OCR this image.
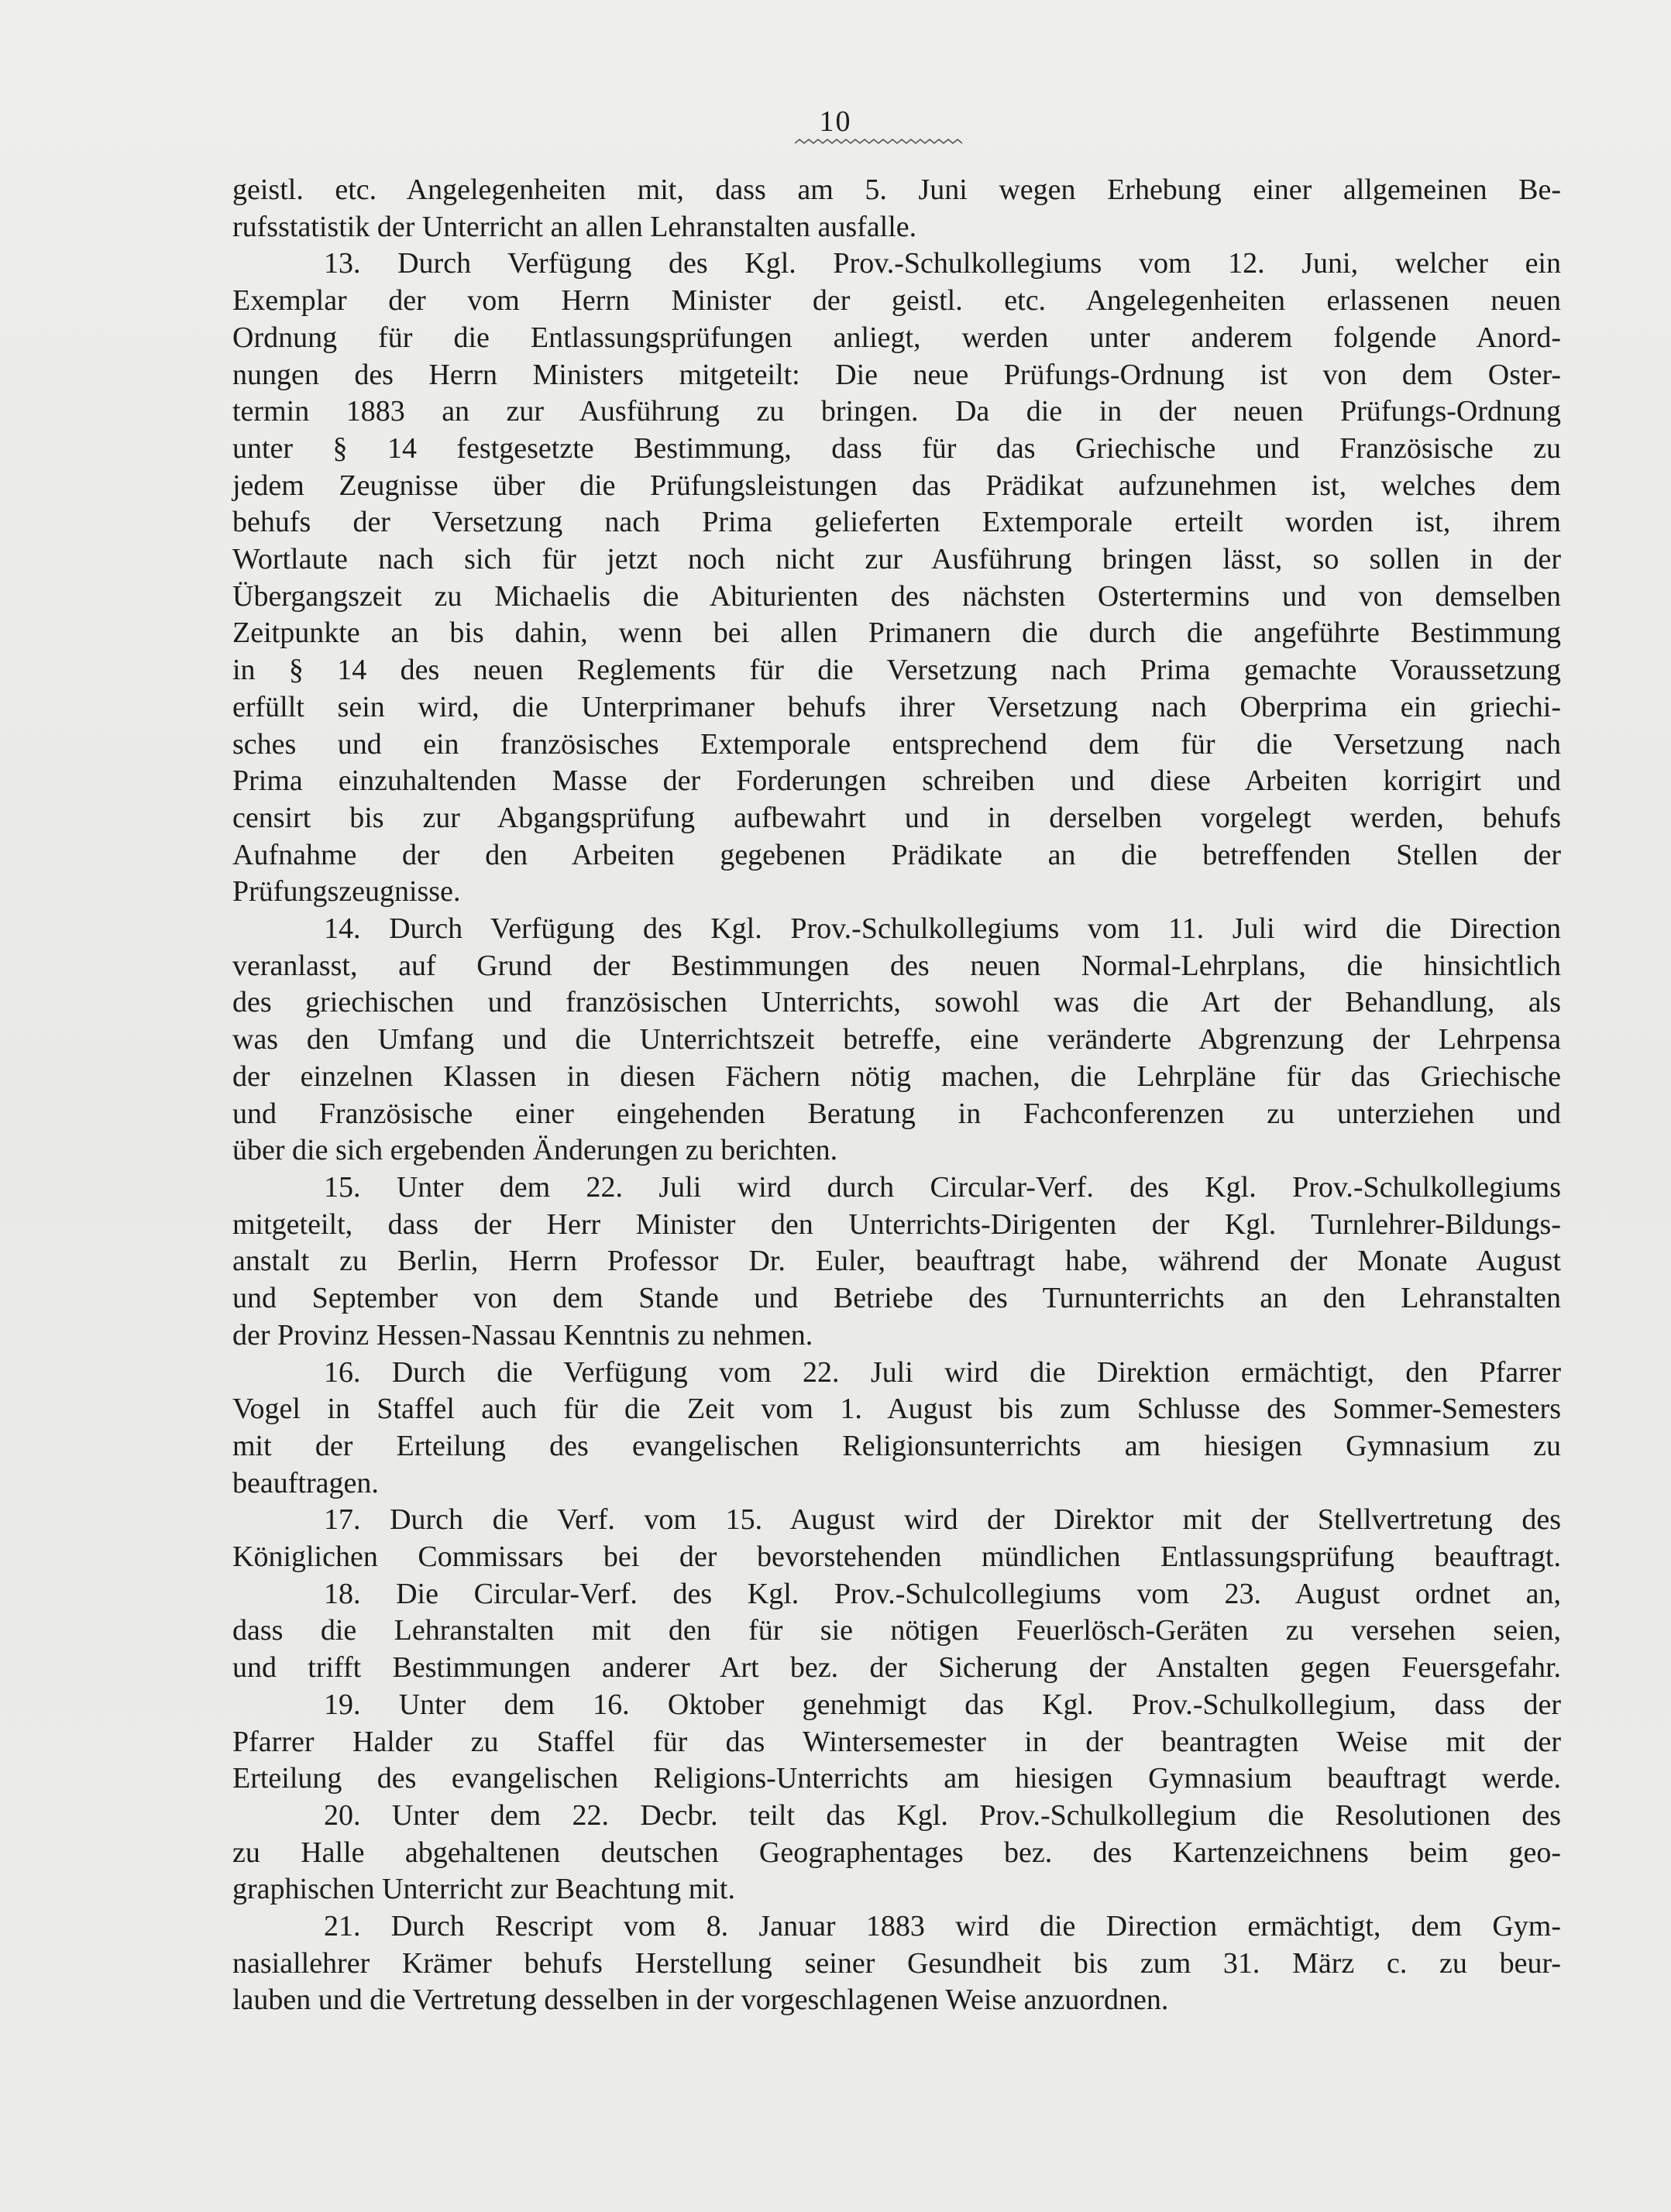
10

geistl. etc. Angelegenheiten mit, dass am 5. Juni wegen Erhebung einer allgemeinen Be-

rufsstatistik der Unterricht an allen Lehranstalten ausfalle.

13. Durch Verfügung des Kgl. Prov.-Schulkollegiums vom 12. Juni, welcher ein

Exemplar der vom Herrn Minister der geistl. etc. Angelegenheiten erlassenen neuen

Ordnung für die Entlassungsprüfungen anliegt, werden unter anderem folgende Anord-

nungen des Herrn Ministers mitgeteilt: Die neue Prüfungs-Ordnung ist von dem Oster-

termin 1883 an zur Ausführung zu bringen. Da die in der neuen Prüfungs-Ordnung

unter § 14 festgesetzte Bestimmung, dass für das Griechische und Französische zu

jedem Zeugnisse über die Prüfungsleistungen das Prädikat aufzunehmen ist, welches dem

behufs der Versetzung nach Prima gelieferten Extemporale erteilt worden ist, ihrem

Wortlaute nach sich für jetzt noch nicht zur Ausführung bringen lässt, so sollen in der

Übergangszeit zu Michaelis die Abiturienten des nächsten Ostertermins und von demselben

Zeitpunkte an bis dahin, wenn bei allen Primanern die durch die angeführte Bestimmung

in § 14 des neuen Reglements für die Versetzung nach Prima gemachte Voraussetzung

erfüllt sein wird, die Unterprimaner behufs ihrer Versetzung nach Oberprima ein griechi-

sches und ein französisches Extemporale entsprechend dem für die Versetzung nach

Prima einzuhaltenden Masse der Forderungen schreiben und diese Arbeiten korrigirt und

censirt bis zur Abgangsprüfung aufbewahrt und in derselben vorgelegt werden, behufs

Aufnahme der den Arbeiten gegebenen Prädikate an die betreffenden Stellen der

Prüfungszeugnisse.

14. Durch Verfügung des Kgl. Prov.-Schulkollegiums vom 11. Juli wird die Direction

veranlasst, auf Grund der Bestimmungen des neuen Normal-Lehrplans, die hinsichtlich

des griechischen und französischen Unterrichts, sowohl was die Art der Behandlung, als

was den Umfang und die Unterrichtszeit betreffe, eine veränderte Abgrenzung der Lehrpensa

der einzelnen Klassen in diesen Fächern nötig machen, die Lehrpläne für das Griechische

und Französische einer eingehenden Beratung in Fachconferenzen zu unterziehen und

über die sich ergebenden Änderungen zu berichten.

15. Unter dem 22. Juli wird durch Circular-Verf. des Kgl. Prov.-Schulkollegiums

mitgeteilt, dass der Herr Minister den Unterrichts-Dirigenten der Kgl. Turnlehrer-Bildungs-

anstalt zu Berlin, Herrn Professor Dr. Euler, beauftragt habe, während der Monate August

und September von dem Stande und Betriebe des Turnunterrichts an den Lehranstalten

der Provinz Hessen-Nassau Kenntnis zu nehmen.

16. Durch die Verfügung vom 22. Juli wird die Direktion ermächtigt, den Pfarrer

Vogel in Staffel auch für die Zeit vom 1. August bis zum Schlusse des Sommer-Semesters

mit der Erteilung des evangelischen Religionsunterrichts am hiesigen Gymnasium zu

beauftragen.

17. Durch die Verf. vom 15. August wird der Direktor mit der Stellvertretung des

Königlichen Commissars bei der bevorstehenden mündlichen Entlassungsprüfung beauftragt.

18. Die Circular-Verf. des Kgl. Prov.-Schulcollegiums vom 23. August ordnet an,

dass die Lehranstalten mit den für sie nötigen Feuerlösch-Geräten zu versehen seien,

und trifft Bestimmungen anderer Art bez. der Sicherung der Anstalten gegen Feuersgefahr.

19. Unter dem 16. Oktober genehmigt das Kgl. Prov.-Schulkollegium, dass der

Pfarrer Halder zu Staffel für das Wintersemester in der beantragten Weise mit der

Erteilung des evangelischen Religions-Unterrichts am hiesigen Gymnasium beauftragt werde.

20. Unter dem 22. Decbr. teilt das Kgl. Prov.-Schulkollegium die Resolutionen des

zu Halle abgehaltenen deutschen Geographentages bez. des Kartenzeichnens beim geo-

graphischen Unterricht zur Beachtung mit.

21. Durch Rescript vom 8. Januar 1883 wird die Direction ermächtigt, dem Gym-

nasiallehrer Krämer behufs Herstellung seiner Gesundheit bis zum 31. März c. zu beur-

lauben und die Vertretung desselben in der vorgeschlagenen Weise anzuordnen.
